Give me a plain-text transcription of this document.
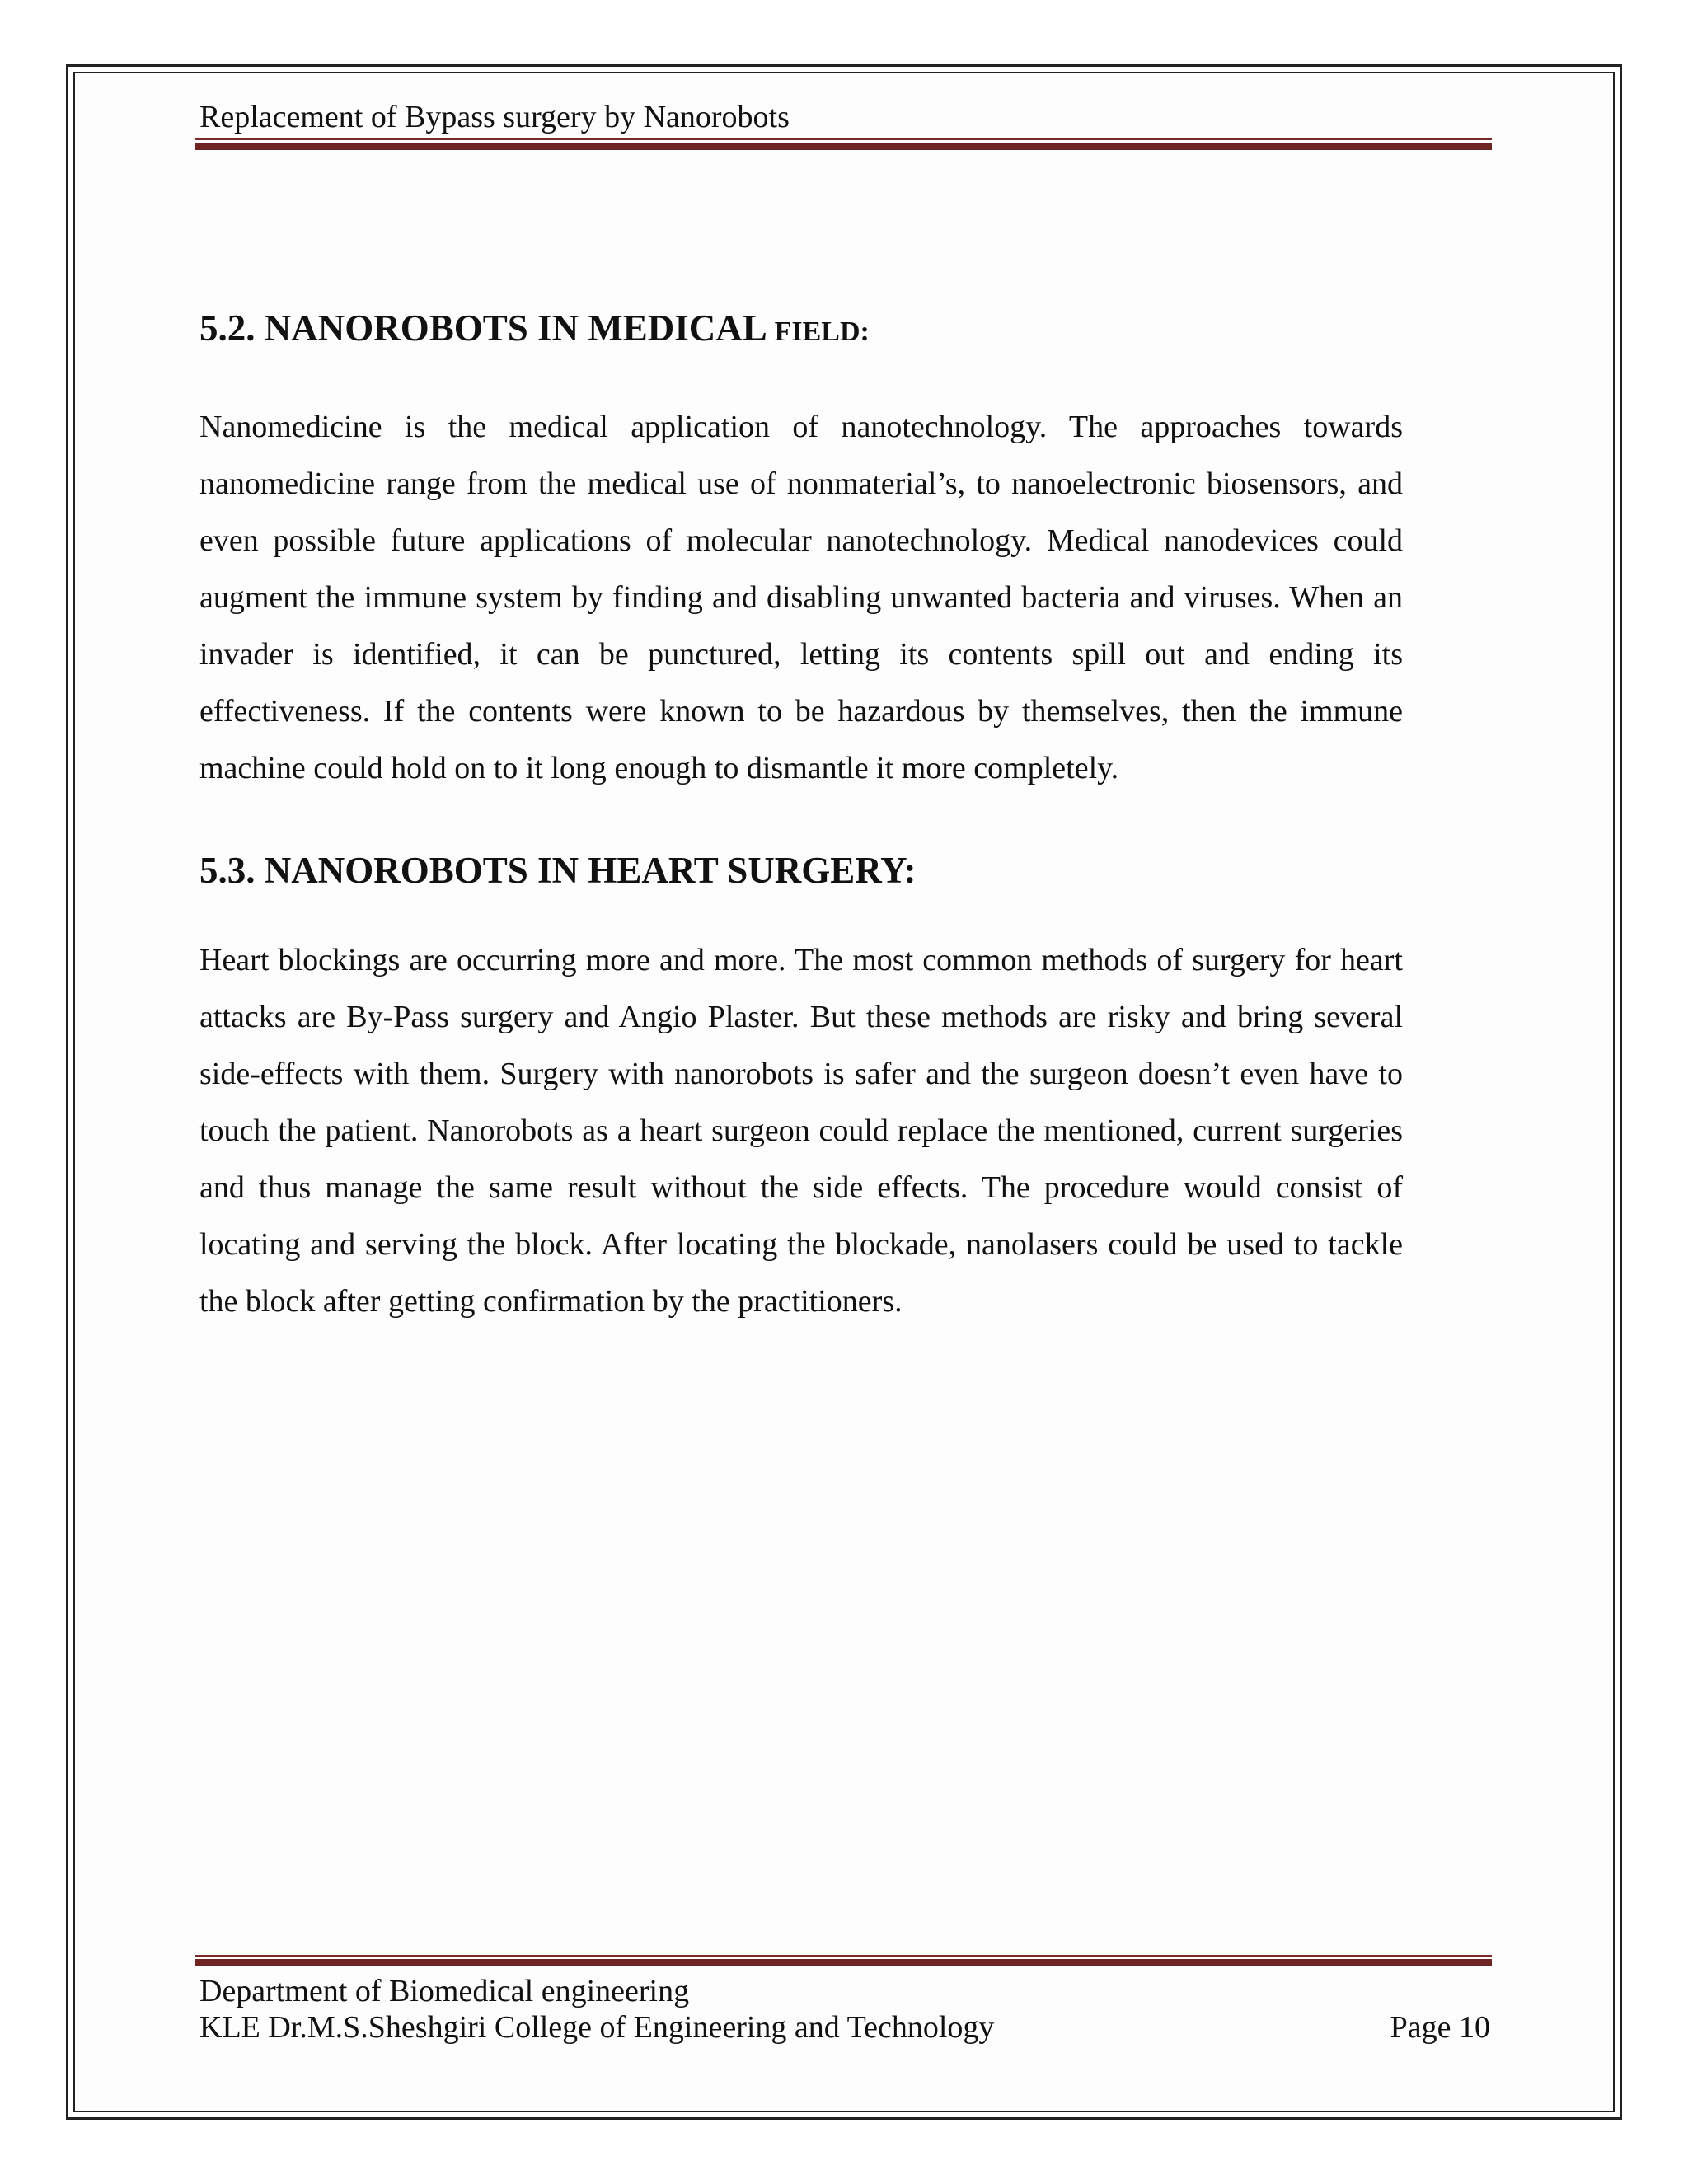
Replacement of Bypass surgery by Nanorobots
5.2. NANOROBOTS IN MEDICAL FIELD:

Nanomedicine is the medical application of nanotechnology. The approaches towards nanomedicine range from the medical use of nonmaterial’s, to nanoelectronic biosensors, and even possible future applications of molecular nanotechnology. Medical nanodevices could augment the immune system by finding and disabling unwanted bacteria and viruses. When an invader is identified, it can be punctured, letting its contents spill out and ending its effectiveness. If the contents were known to be hazardous by themselves, then the immune machine could hold on to it long enough to dismantle it more completely.

5.3. NANOROBOTS IN HEART SURGERY:

Heart blockings are occurring more and more. The most common methods of surgery for heart attacks are By-Pass surgery and Angio Plaster. But these methods are risky and bring several side-effects with them. Surgery with nanorobots is safer and the surgeon doesn’t even have to touch the patient. Nanorobots as a heart surgeon could replace the mentioned, current surgeries and thus manage the same result without the side effects. The procedure would consist of locating and serving the block. After locating the blockade, nanolasers could be used to tackle the block after getting confirmation by the practitioners.

Department of Biomedical engineering
KLE Dr.M.S.Sheshgiri College of Engineering and Technology	Page 10
